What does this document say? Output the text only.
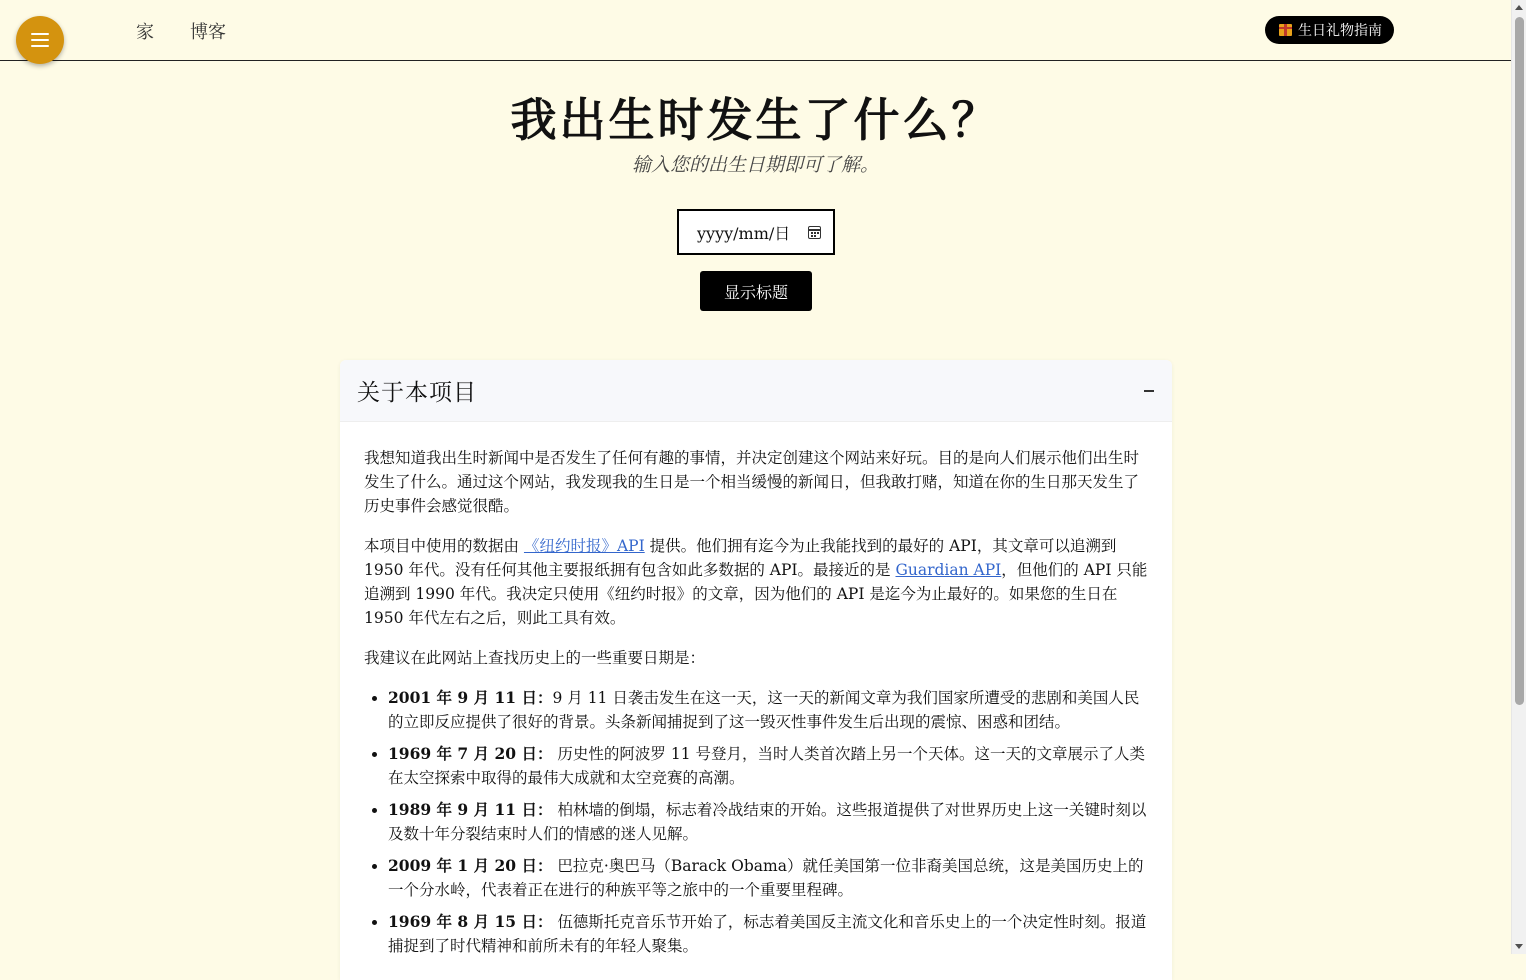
家 博客	生日礼物指南
我出生时发生了什么？

输入您的出生日期即可了解。

yyyy/mm/日
显示标题
关于本项目

我想知道我出生时新闻中是否发生了任何有趣的事情，并决定创建这个网站来好玩。目的是向人们展示他们出生时发生了什么。通过这个网站，我发现我的生日是一个相当缓慢的新闻日，但我敢打赌，知道在你的生日那天发生了历史事件会感觉很酷。

本项目中使用的数据由 《纽约时报》API 提供。他们拥有迄今为止我能找到的最好的 API，其文章可以追溯到 1950 年代。没有任何其他主要报纸拥有包含如此多数据的 API。最接近的是 Guardian API，但他们的 API 只能追溯到 1990 年代。我决定只使用《纽约时报》的文章，因为他们的 API 是迄今为止最好的。如果您的生日在 1950 年代左右之后，则此工具有效。

我建议在此网站上查找历史上的一些重要日期是：

• 2001 年 9 月 11 日：9 月 11 日袭击发生在这一天，这一天的新闻文章为我们国家所遭受的悲剧和美国人民的立即反应提供了很好的背景。头条新闻捕捉到了这一毁灭性事件发生后出现的震惊、困惑和团结。
• 1969 年 7 月 20 日： 历史性的阿波罗 11 号登月，当时人类首次踏上另一个天体。这一天的文章展示了人类在太空探索中取得的最伟大成就和太空竞赛的高潮。
• 1989 年 9 月 11 日： 柏林墙的倒塌，标志着冷战结束的开始。这些报道提供了对世界历史上这一关键时刻以及数十年分裂结束时人们的情感的迷人见解。
• 2009 年 1 月 20 日： 巴拉克·奥巴马（Barack Obama）就任美国第一位非裔美国总统，这是美国历史上的一个分水岭，代表着正在进行的种族平等之旅中的一个重要里程碑。
• 1969 年 8 月 15 日： 伍德斯托克音乐节开始了，标志着美国反主流文化和音乐史上的一个决定性时刻。报道捕捉到了时代精神和前所未有的年轻人聚集。
